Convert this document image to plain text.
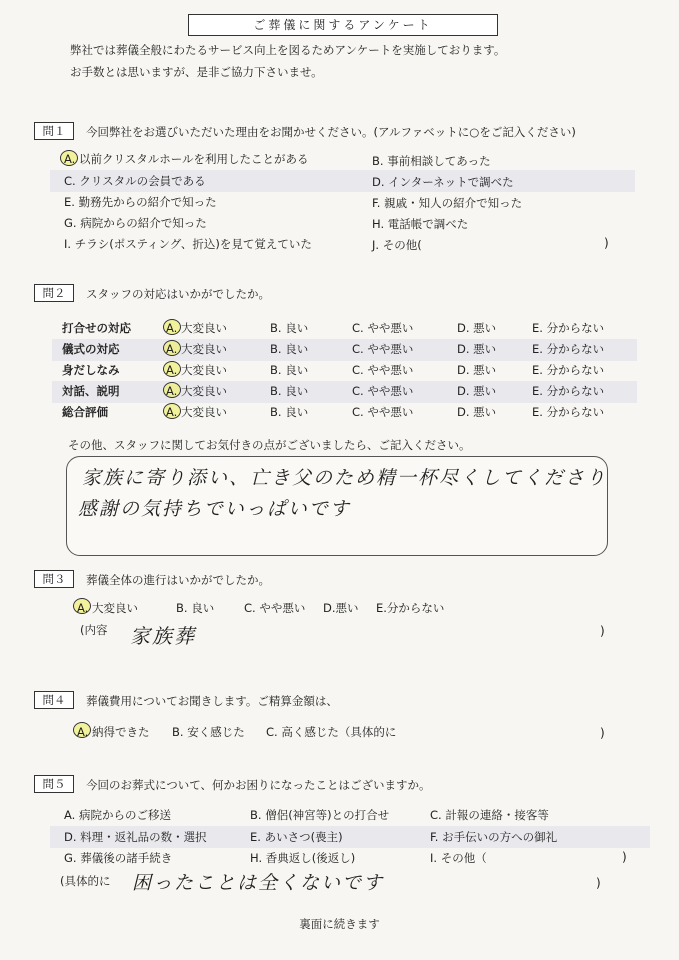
ご葬儀に関するアンケート
弊社では葬儀全般にわたるサービス向上を図るためアンケートを実施しております。
お手数とは思いますが、是非ご協力下さいませ。
問１	今回弊社をお選びいただいた理由をお聞かせください。(アルファベットに○をご記入ください)
A. 以前クリスタルホールを利用したことがある	B. 事前相談してあった
C. クリスタルの会員である	D. インターネットで調べた
E. 勤務先からの紹介で知った	F. 親戚・知人の紹介で知った
G. 病院からの紹介で知った	H. 電話帳で調べた
I. チラシ(ポスティング、折込)を見て覚えていた	J. その他(	)
問２	スタッフの対応はいかがでしたか。
打合せの対応	A. 大変良い	B. 良い	C. やや悪い	D. 悪い	E. 分からない
儀式の対応	A. 大変良い	B. 良い	C. やや悪い	D. 悪い	E. 分からない
身だしなみ	A. 大変良い	B. 良い	C. やや悪い	D. 悪い	E. 分からない
対話、説明	A. 大変良い	B. 良い	C. やや悪い	D. 悪い	E. 分からない
総合評価	A. 大変良い	B. 良い	C. やや悪い	D. 悪い	E. 分からない
その他、スタッフに関してお気付きの点がございましたら、ご記入ください。
家族に寄り添い、亡き父のため精一杯尽くしてくださり
感謝の気持ちでいっぱいです
問３	葬儀全体の進行はいかがでしたか。
A. 大変良い	B. 良い	C. やや悪い D.悪い E.分からない
(内容 家族葬	)
問４	葬儀費用についてお聞きします。ご精算金額は、
A. 納得できた B. 安く感じた C. 高く感じた（具体的に	)
問５	今回のお葬式について、何かお困りになったことはございますか。
A. 病院からのご移送	B. 僧侶(神宮等)との打合せ	C. 計報の連絡・接客等
D. 料理・返礼品の数・選択	E. あいさつ(喪主)	F. お手伝いの方への御礼
G. 葬儀後の諸手続き	H. 香典返し(後返し)	I. その他（	)
(具体的に 困ったことは全くないです	)
裏面に続きます
